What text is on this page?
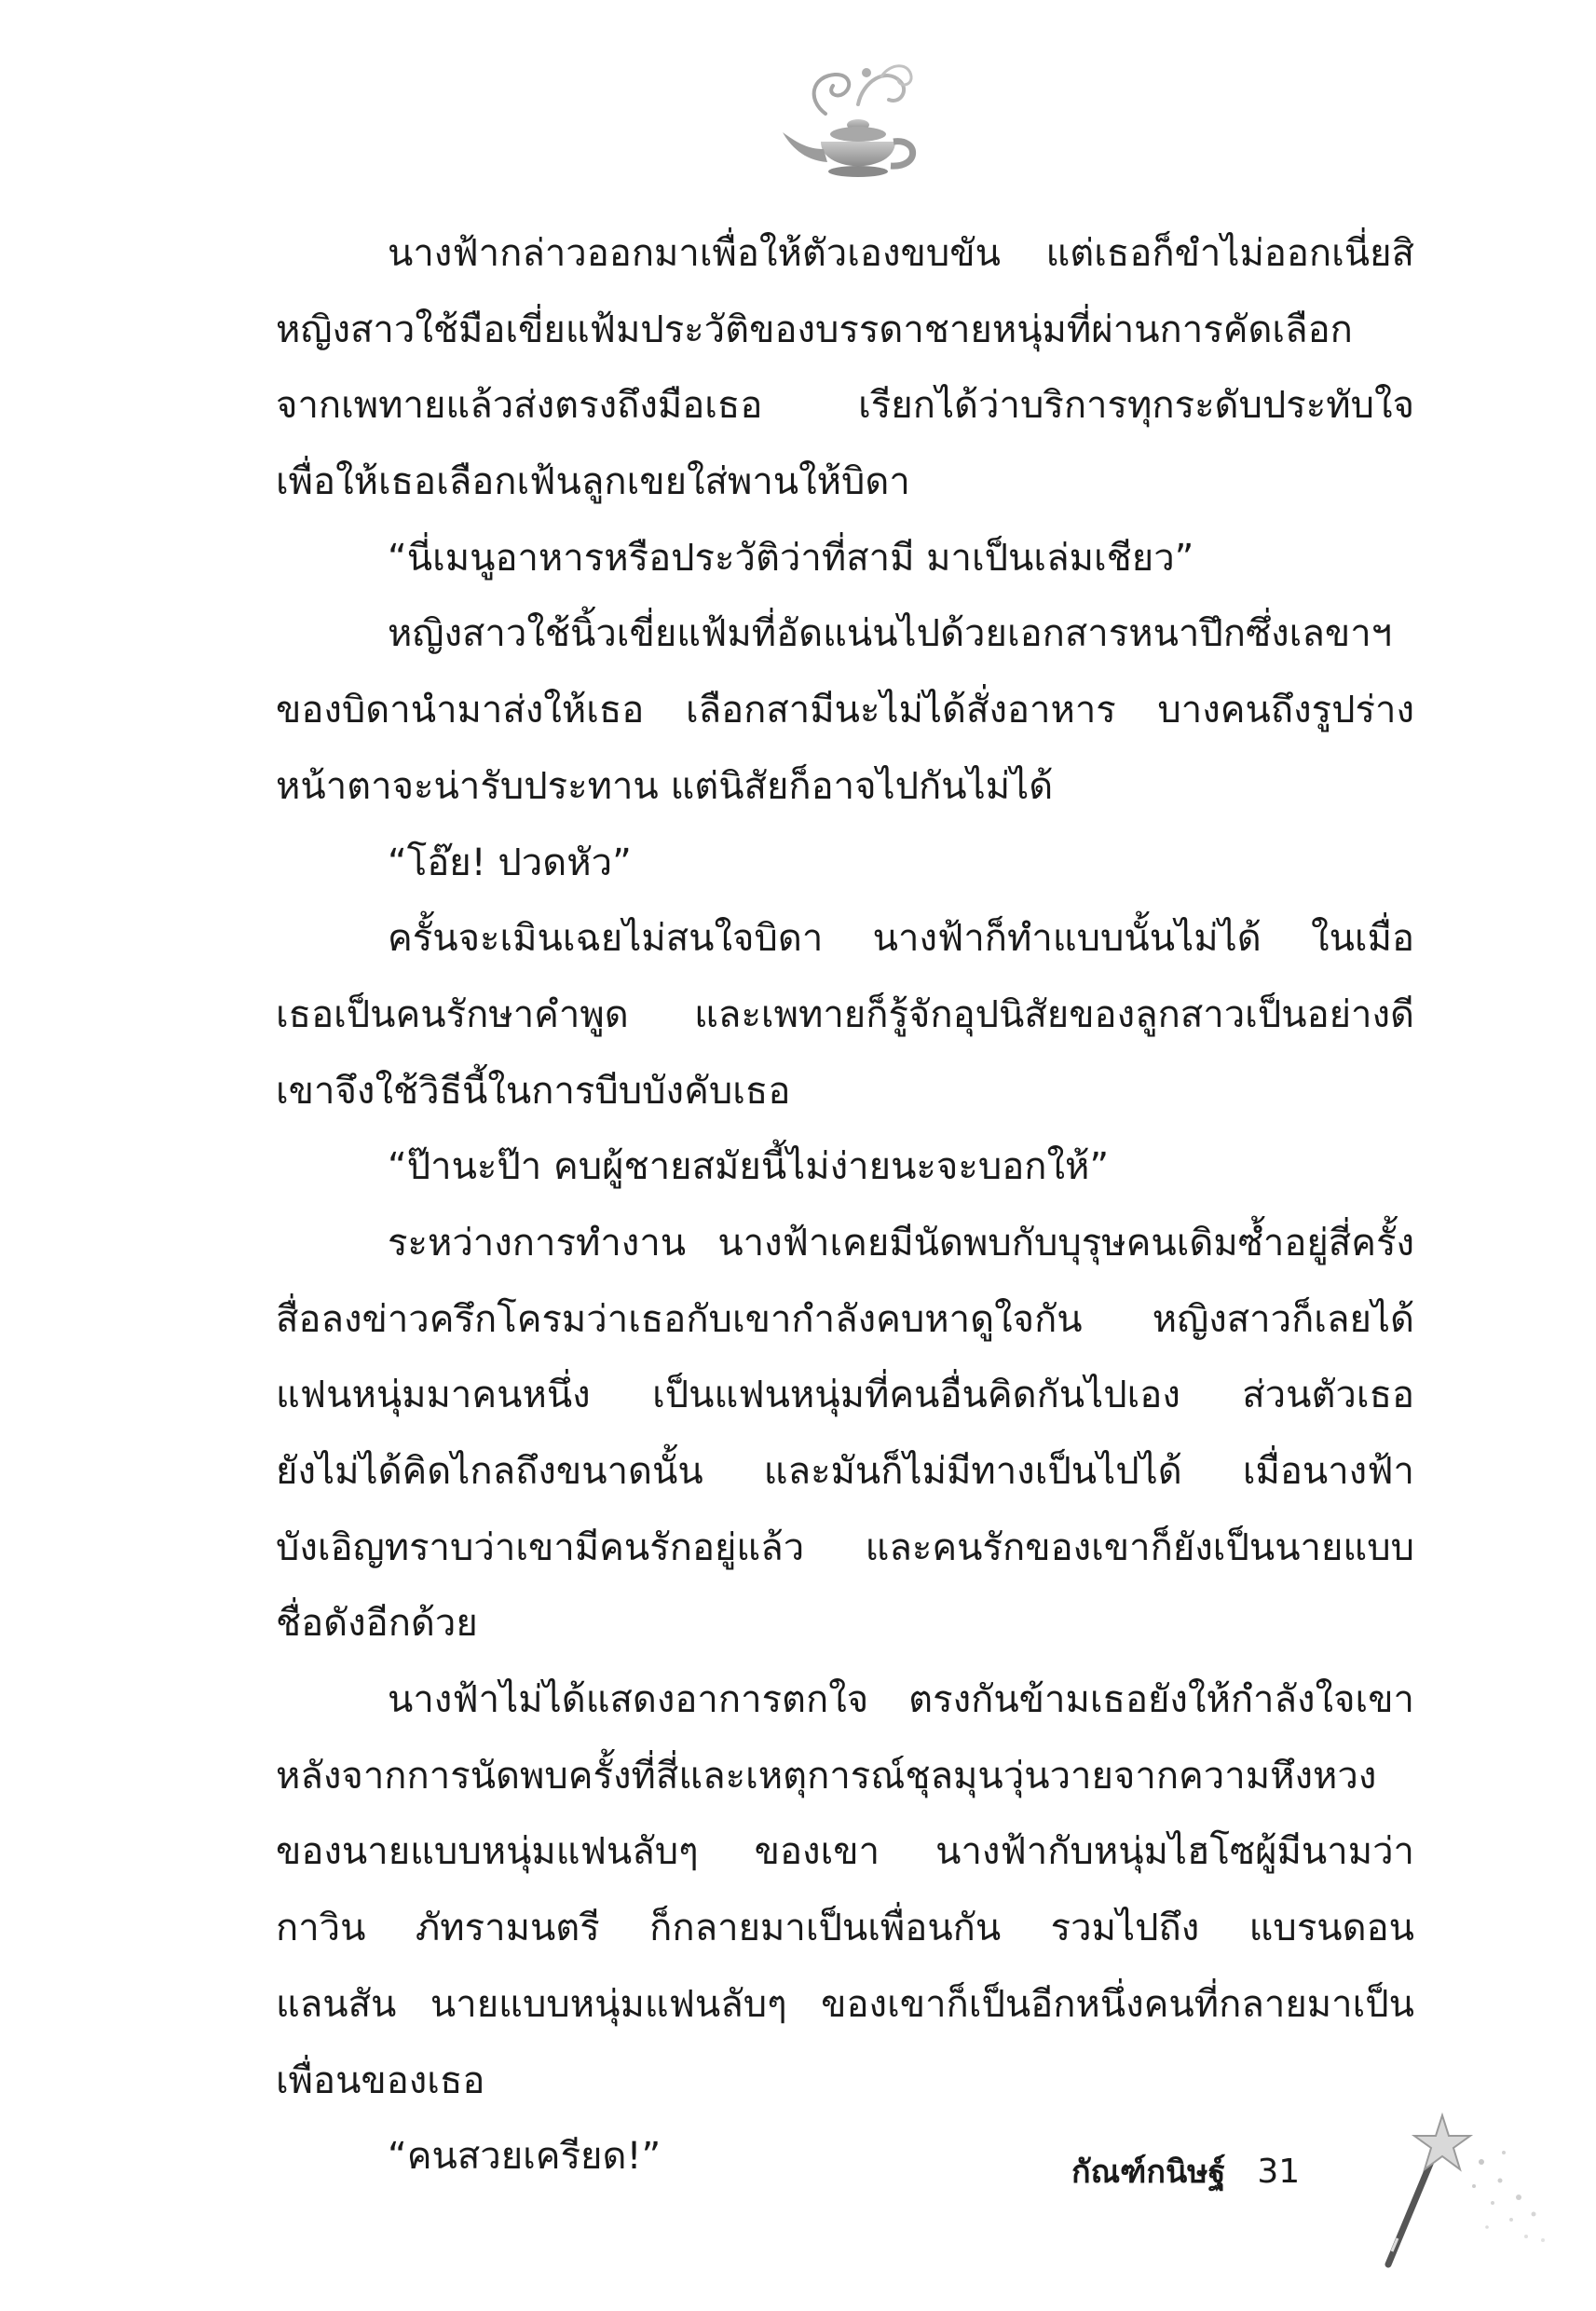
นางฟ้ากล่าวออกมาเพื่อให้ตัวเองขบขัน แต่เธอก็ขำไม่ออกเนี่ยสิ
หญิงสาวใช้มือเขี่ยแฟ้มประวัติของบรรดาชายหนุ่มที่ผ่านการคัดเลือก
จากเพทายแล้วส่งตรงถึงมือเธอ เรียกได้ว่าบริการทุกระดับประทับใจ
เพื่อให้เธอเลือกเฟ้นลูกเขยใส่พานให้บิดา
“นี่เมนูอาหารหรือประวัติว่าที่สามี มาเป็นเล่มเชียว”
หญิงสาวใช้นิ้วเขี่ยแฟ้มที่อัดแน่นไปด้วยเอกสารหนาปึกซึ่งเลขาฯ
ของบิดานำมาส่งให้เธอ เลือกสามีนะไม่ได้สั่งอาหาร บางคนถึงรูปร่าง
หน้าตาจะน่ารับประทาน แต่นิสัยก็อาจไปกันไม่ได้
“โอ๊ย! ปวดหัว”
ครั้นจะเมินเฉยไม่สนใจบิดา นางฟ้าก็ทำแบบนั้นไม่ได้ ในเมื่อ
เธอเป็นคนรักษาคำพูด และเพทายก็รู้จักอุปนิสัยของลูกสาวเป็นอย่างดี
เขาจึงใช้วิธีนี้ในการบีบบังคับเธอ
“ป๊านะป๊า คบผู้ชายสมัยนี้ไม่ง่ายนะจะบอกให้”
ระหว่างการทำงาน นางฟ้าเคยมีนัดพบกับบุรุษคนเดิมซ้ำอยู่สี่ครั้ง
สื่อลงข่าวครึกโครมว่าเธอกับเขากำลังคบหาดูใจกัน หญิงสาวก็เลยได้
แฟนหนุ่มมาคนหนึ่ง เป็นแฟนหนุ่มที่คนอื่นคิดกันไปเอง ส่วนตัวเธอ
ยังไม่ได้คิดไกลถึงขนาดนั้น และมันก็ไม่มีทางเป็นไปได้ เมื่อนางฟ้า
บังเอิญทราบว่าเขามีคนรักอยู่แล้ว และคนรักของเขาก็ยังเป็นนายแบบ
ชื่อดังอีกด้วย
นางฟ้าไม่ได้แสดงอาการตกใจ ตรงกันข้ามเธอยังให้กำลังใจเขา
หลังจากการนัดพบครั้งที่สี่และเหตุการณ์ชุลมุนวุ่นวายจากความหึงหวง
ของนายแบบหนุ่มแฟนลับๆ ของเขา นางฟ้ากับหนุ่มไฮโซผู้มีนามว่า
กาวิน ภัทรามนตรี ก็กลายมาเป็นเพื่อนกัน รวมไปถึง แบรนดอน
แลนสัน นายแบบหนุ่มแฟนลับๆ ของเขาก็เป็นอีกหนึ่งคนที่กลายมาเป็น
เพื่อนของเธอ
“คนสวยเครียด!”	กัณฑ์กนิษฐ์ 31
